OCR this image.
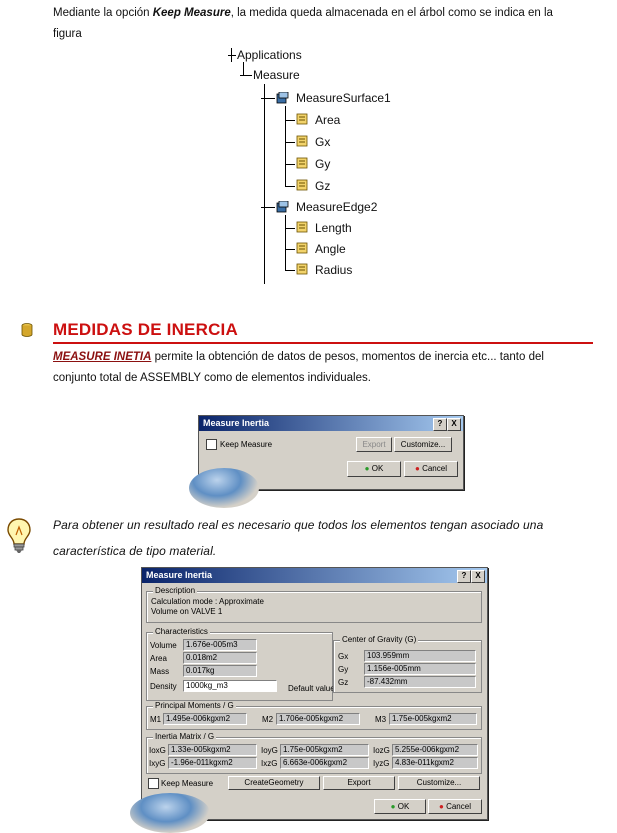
Mediante la opción Keep Measure, la medida queda almacenada en el árbol como se indica en la
figura
Applications
Measure
MeasureSurface1
Area
Gx
Gy
Gz
MeasureEdge2
Length
Angle
Radius
MEDIDAS DE INERCIA
MEASURE INETIA permite la obtención de datos de pesos, momentos de inercia etc... tanto del
conjunto total de ASSEMBLY como de elementos individuales.
Measure Inertia	?	X
Keep Measure	Export	Customize...
● OK	● Cancel
Para obtener un resultado real es necesario que todos los elementos tengan asociado una
característica de tipo material.
Measure Inertia	?	X
Description
Calculation mode : Approximate
Volume on VALVE 1
Characteristics
Volume	1.676e-005m3
Area	0.018m2
Mass	0.017kg
Density	1000kg_m3	Default value
Center of Gravity (G)
Gx	103.959mm
Gy	1.156e-005mm
Gz	-87.432mm
Principal Moments / G
M1 1.495e-006kgxm2	M2 1.706e-005kgxm2	M3 1.75e-005kgxm2
Inertia Matrix / G
IoxG 1.33e-005kgxm2	IoyG 1.75e-005kgxm2	IozG 5.255e-006kgxm2
IxyG -1.96e-011kgxm2	IxzG 6.663e-006kgxm2	IyzG 4.83e-011kgxm2
Keep Measure	CreateGeometry	Export	Customize...
● OK	● Cancel
